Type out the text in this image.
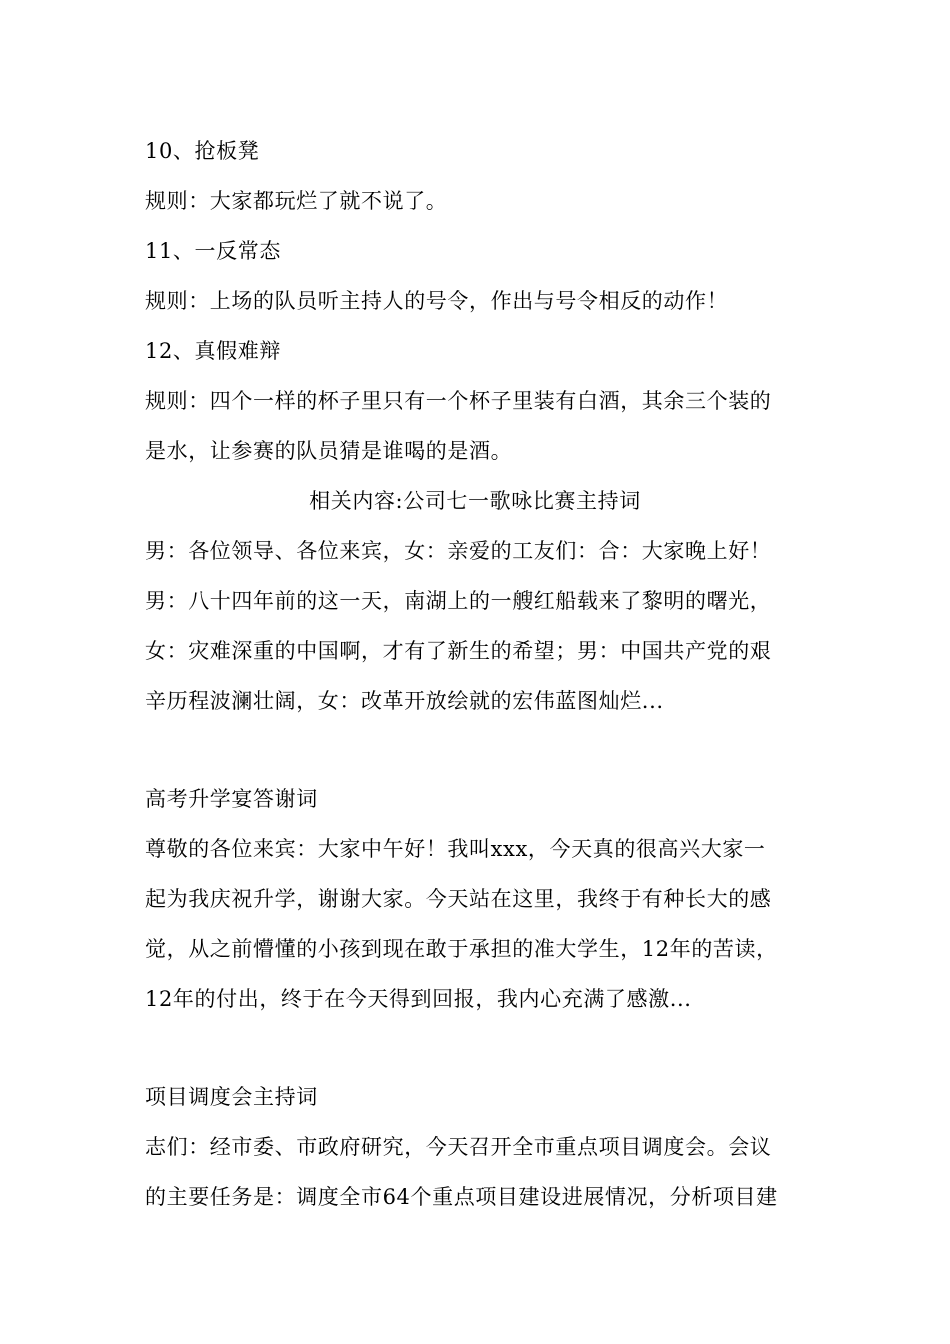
10、抢板凳
规则：大家都玩烂了就不说了。
11、一反常态
规则：上场的队员听主持人的号令，作出与号令相反的动作！
12、真假难辩
规则：四个一样的杯子里只有一个杯子里装有白酒，其余三个装的
是水，让参赛的队员猜是谁喝的是酒。
相关内容:公司七一歌咏比赛主持词
男：各位领导、各位来宾，女：亲爱的工友们：合：大家晚上好！
男：八十四年前的这一天，南湖上的一艘红船载来了黎明的曙光，
女：灾难深重的中国啊，才有了新生的希望；男：中国共产党的艰
辛历程波澜壮阔，女：改革开放绘就的宏伟蓝图灿烂...
高考升学宴答谢词
尊敬的各位来宾：大家中午好！我叫xxx，今天真的很高兴大家一
起为我庆祝升学，谢谢大家。今天站在这里，我终于有种长大的感
觉，从之前懵懂的小孩到现在敢于承担的准大学生，12年的苦读，
12年的付出，终于在今天得到回报，我内心充满了感激...
项目调度会主持词
志们：经市委、市政府研究，今天召开全市重点项目调度会。会议
的主要任务是：调度全市64个重点项目建设进展情况，分析项目建
